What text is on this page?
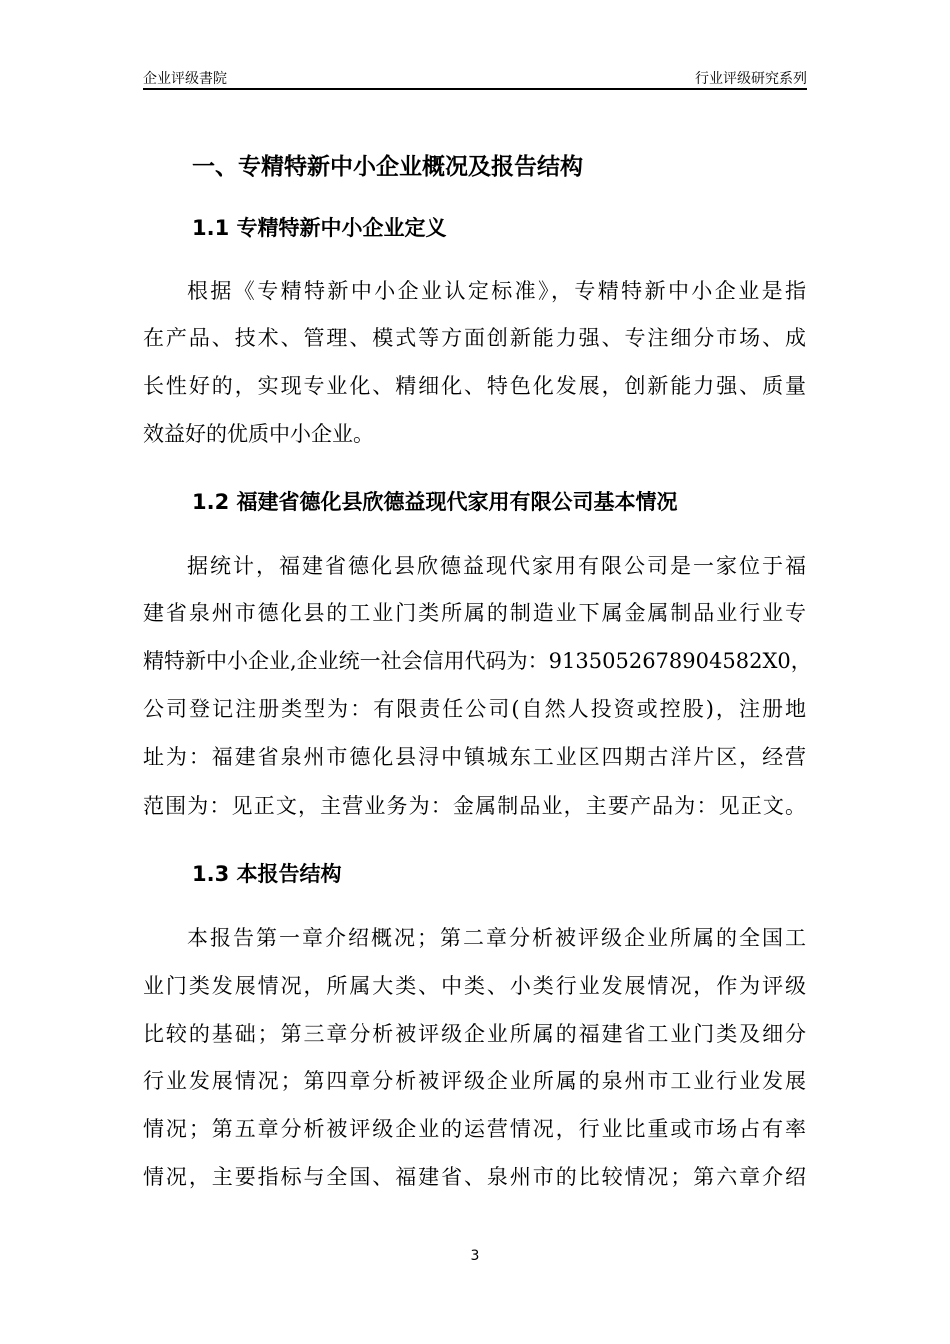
企业评级書院	行业评级研究系列
一、专精特新中小企业概况及报告结构
1.1 专精特新中小企业定义
根据《专精特新中小企业认定标准》，专精特新中小企业是指
在产品、技术、管理、模式等方面创新能力强、专注细分市场、成
长性好的，实现专业化、精细化、特色化发展，创新能力强、质量
效益好的优质中小企业。
1.2 福建省德化县欣德益现代家用有限公司基本情况
据统计，福建省德化县欣德益现代家用有限公司是一家位于福
建省泉州市德化县的工业门类所属的制造业下属金属制品业行业专
精特新中小企业,企业统一社会信用代码为：9135052678904582X0，
公司登记注册类型为：有限责任公司(自然人投资或控股)，注册地
址为：福建省泉州市德化县浔中镇城东工业区四期古洋片区，经营
范围为：见正文，主营业务为：金属制品业，主要产品为：见正文。
1.3 本报告结构
本报告第一章介绍概况；第二章分析被评级企业所属的全国工
业门类发展情况，所属大类、中类、小类行业发展情况，作为评级
比较的基础；第三章分析被评级企业所属的福建省工业门类及细分
行业发展情况；第四章分析被评级企业所属的泉州市工业行业发展
情况；第五章分析被评级企业的运营情况，行业比重或市场占有率
情况，主要指标与全国、福建省、泉州市的比较情况；第六章介绍
3
